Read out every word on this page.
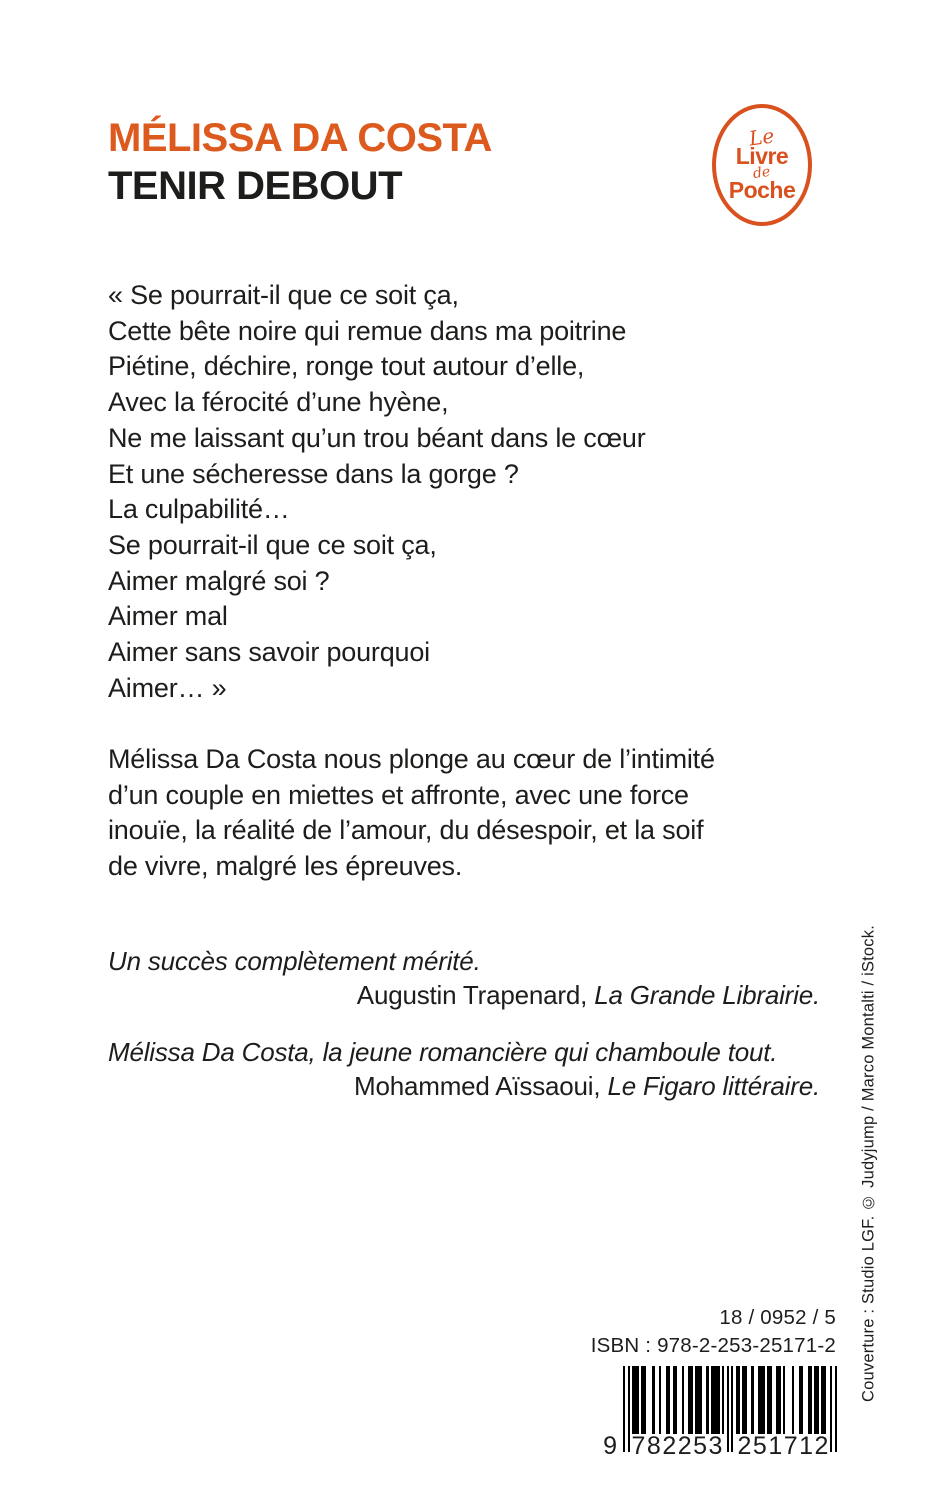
MÉLISSA DA COSTA
TENIR DEBOUT
Le
Livre
de
Poche
« Se pourrait-il que ce soit ça,
Cette bête noire qui remue dans ma poitrine
Piétine, déchire, ronge tout autour d’elle,
Avec la férocité d’une hyène,
Ne me laissant qu’un trou béant dans le cœur
Et une sécheresse dans la gorge ?
La culpabilité…
Se pourrait-il que ce soit ça,
Aimer malgré soi ?
Aimer mal
Aimer sans savoir pourquoi
Aimer… »
Mélissa Da Costa nous plonge au cœur de l’intimité
d’un couple en miettes et affronte, avec une force
inouïe, la réalité de l’amour, du désespoir, et la soif
de vivre, malgré les épreuves.
Un succès complètement mérité.
Augustin Trapenard, La Grande Librairie.
Mélissa Da Costa, la jeune romancière qui chamboule tout.
Mohammed Aïssaoui, Le Figaro littéraire. Couverture : Studio LGF. © Judyjump / Marco Montalti / iStock.
18 / 0952 / 5
ISBN : 978-2-253-25171-2
9 7 8 2 2 5 3 2 5 1 7 1 2
